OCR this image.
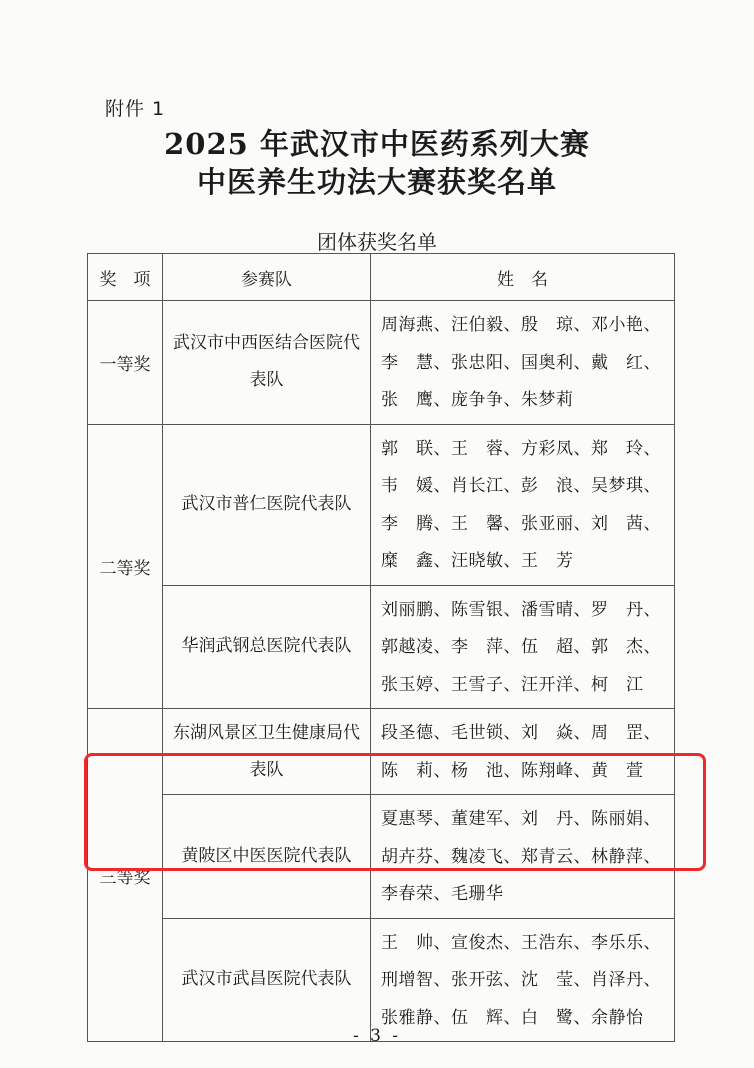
附件 1
2025 年武汉市中医药系列大赛
中医养生功法大赛获奖名单
团体获奖名单
奖　项	参赛队	姓　名
一等奖	武汉市中西医结合医院代表队	周海燕、汪伯毅、殷　琼、邓小艳、李　慧、张忠阳、国奥利、戴　红、张　鹰、庞争争、朱梦莉
二等奖	武汉市普仁医院代表队	郭　联、王　蓉、方彩凤、郑　玲、韦　媛、肖长江、彭　浪、吴梦琪、李　腾、王　馨、张亚丽、刘　茜、糜　鑫、汪晓敏、王　芳
	华润武钢总医院代表队	刘丽鹏、陈雪银、潘雪晴、罗　丹、郭越凌、李　萍、伍　超、郭　杰、张玉婷、王雪子、汪开洋、柯　江
三等奖	东湖风景区卫生健康局代表队	段圣德、毛世锁、刘　焱、周　罡、陈　莉、杨　池、陈翔峰、黄　萱
	黄陂区中医医院代表队	夏惠琴、董建军、刘　丹、陈丽娟、胡卉芬、魏凌飞、郑青云、林静萍、李春荣、毛珊华
	武汉市武昌医院代表队	王　帅、宣俊杰、王浩东、李乐乐、刑增智、张开弦、沈　莹、肖泽丹、张雅静、伍　辉、白　鹭、余静怡
- 3 -
